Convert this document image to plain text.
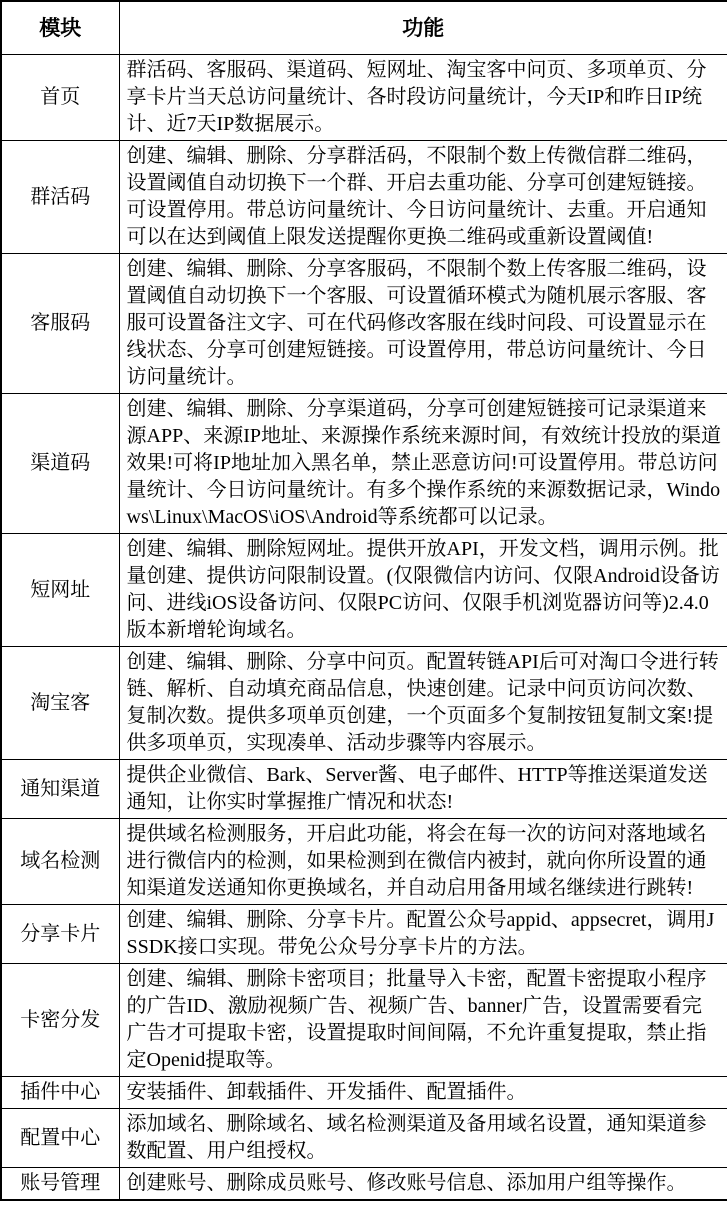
模块	功能
首页	群活码、客服码、渠道码、短网址、淘宝客中问页、多项单页、分享卡片当天总访问量统计、各时段访问量统计，今天IP和昨日IP统计、近7天IP数据展示。
群活码	创建、编辑、删除、分享群活码，不限制个数上传微信群二维码，设置阈值自动切换下一个群、开启去重功能、分享可创建短链接。可设置停用。带总访问量统计、今日访问量统计、去重。开启通知可以在达到阈值上限发送提醒你更换二维码或重新设置阈值!
客服码	创建、编辑、删除、分享客服码，不限制个数上传客服二维码，设置阈值自动切换下一个客服、可设置循环模式为随机展示客服、客服可设置备注文字、可在代码修改客服在线时问段、可设置显示在线状态、分享可创建短链接。可设置停用，带总访问量统计、今日访问量统计。
渠道码	创建、编辑、删除、分享渠道码，分享可创建短链接可记录渠道来源APP、来源IP地址、来源操作系统来源时间，有效统计投放的渠道效果!可将IP地址加入黑名单，禁止恶意访问!可设置停用。带总访问量统计、今日访问量统计。有多个操作系统的来源数据记录，Windows\Linux\MacOS\iOS\Android等系统都可以记录。
短网址	创建、编辑、删除短网址。提供开放API，开发文档，调用示例。批量创建、提供访问限制设置。(仅限微信内访问、仅限Android设备访问、进线iOS设备访问、仅限PC访问、仅限手机浏览器访问等)2.4.0版本新增轮询域名。
淘宝客	创建、编辑、删除、分享中问页。配置转链API后可对淘口令进行转链、解析、自动填充商品信息，快速创建。记录中问页访问次数、复制次数。提供多项单页创建，一个页面多个复制按钮复制文案!提供多项单页，实现凑单、活动步骤等内容展示。
通知渠道	提供企业微信、Bark、Server酱、电子邮件、HTTP等推送渠道发送通知，让你实时掌握推广情况和状态!
域名检测	提供域名检测服务，开启此功能，将会在每一次的访问对落地域名进行微信内的检测，如果检测到在微信内被封，就向你所设置的通知渠道发送通知你更换域名，并自动启用备用域名继续进行跳转!
分享卡片	创建、编辑、删除、分享卡片。配置公众号appid、appsecret，调用JSSDK接口实现。带免公众号分享卡片的方法。
卡密分发	创建、编辑、删除卡密项目；批量导入卡密，配置卡密提取小程序的广告ID、激励视频广告、视频广告、banner广告，设置需要看完广告才可提取卡密，设置提取时间间隔，不允许重复提取，禁止指定Openid提取等。
插件中心	安装插件、卸载插件、开发插件、配置插件。
配置中心	添加域名、删除域名、域名检测渠道及备用域名设置，通知渠道参数配置、用户组授权。
账号管理	创建账号、删除成员账号、修改账号信息、添加用户组等操作。
